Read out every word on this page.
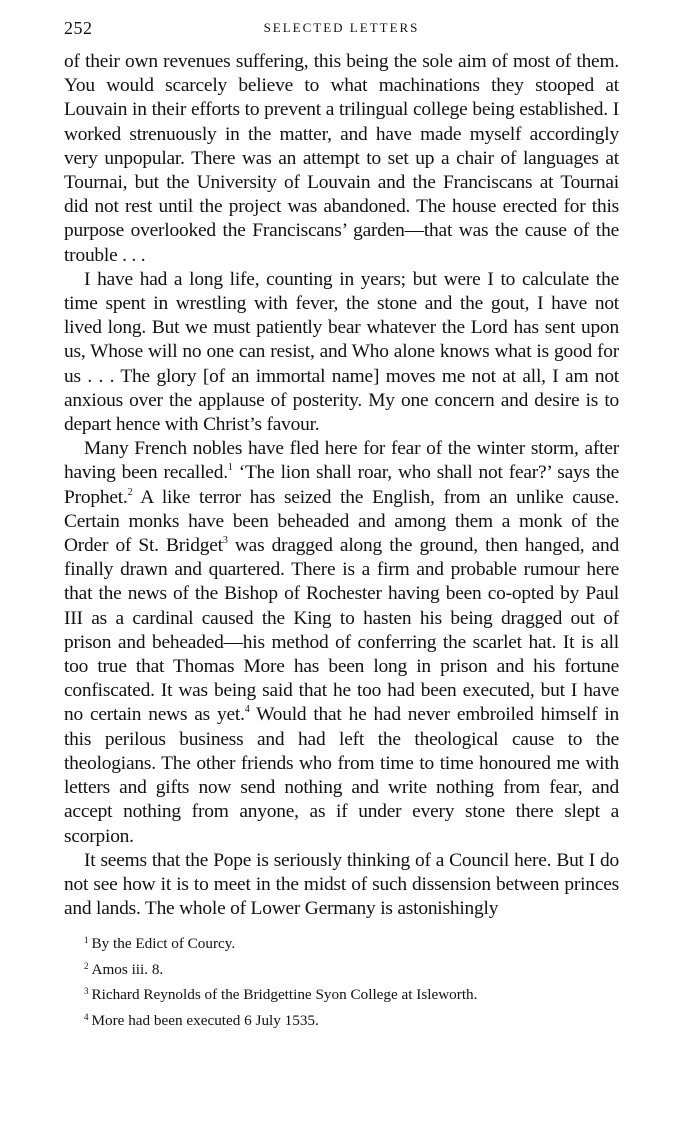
252	SELECTED LETTERS

of their own revenues suffering, this being the sole aim of most of them. You would scarcely believe to what machinations they stooped at Louvain in their efforts to prevent a trilingual college being established. I worked strenuously in the matter, and have made myself accordingly very unpopular. There was an attempt to set up a chair of languages at Tournai, but the University of Louvain and the Franciscans at Tournai did not rest until the project was abandoned. The house erected for this purpose overlooked the Franciscans’ garden—that was the cause of the trouble . . .

I have had a long life, counting in years; but were I to calculate the time spent in wrestling with fever, the stone and the gout, I have not lived long. But we must patiently bear whatever the Lord has sent upon us, Whose will no one can resist, and Who alone knows what is good for us . . . The glory [of an immortal name] moves me not at all, I am not anxious over the applause of posterity. My one concern and desire is to depart hence with Christ’s favour.

Many French nobles have fled here for fear of the winter storm, after having been recalled.$^1$ ‘The lion shall roar, who shall not fear?’ says the Prophet.$^2$ A like terror has seized the English, from an unlike cause. Certain monks have been beheaded and among them a monk of the Order of St. Bridget$^3$ was dragged along the ground, then hanged, and finally drawn and quartered. There is a firm and probable rumour here that the news of the Bishop of Rochester having been co-opted by Paul III as a cardinal caused the King to hasten his being dragged out of prison and beheaded—his method of conferring the scarlet hat. It is all too true that Thomas More has been long in prison and his fortune confiscated. It was being said that he too had been executed, but I have no certain news as yet.$^4$ Would that he had never embroiled himself in this perilous business and had left the theological cause to the theologians. The other friends who from time to time honoured me with letters and gifts now send nothing and write nothing from fear, and accept nothing from anyone, as if under every stone there slept a scorpion.

It seems that the Pope is seriously thinking of a Council here. But I do not see how it is to meet in the midst of such dissension between princes and lands. The whole of Lower Germany is astonishingly

$^1$ By the Edict of Courcy.
$^2$ Amos iii. 8.
$^3$ Richard Reynolds of the Bridgettine Syon College at Isleworth.
$^4$ More had been executed 6 July 1535.
